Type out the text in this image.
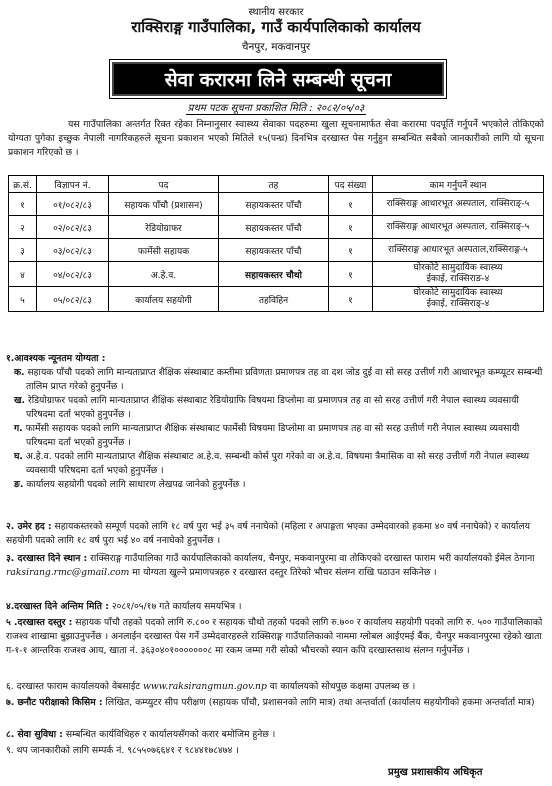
स्थानीय सरकार
राक्सिराङ्ग गाउँपालिका, गाउँ कार्यपालिकाको कार्यालय
चैनपुर, मकवानपुर
सेवा करारमा लिने सम्बन्धी सूचना
प्रथम पटक सूचना प्रकाशित मिति : २०८२/०५/०३
यस गाउँपालिका अन्तर्गत रिक्त रहेका निम्नानुसार स्वास्थ्य सेवाका पदहरुमा खुला सूचनामार्फत सेवा करारमा पदपूर्ति गर्नुपर्ने भएकोले तोकिएको योग्यता पुगेका इच्छुक नेपाली नागरिकहरुले सूचना प्रकाशन भएको मितिले १५(पन्ध्र) दिनभित्र दरखास्त पेस गर्नुहुन सम्बन्धित सबैको जानकारीको लागि यो सूचना प्रकाशन गरिएको छ ।
क्र.सं.	विज्ञापन नं.	पद	तह	पद संख्या	काम गर्नुपर्ने स्थान
१	०१/०८२/८३	सहायक पाँचौ (प्रशासन)	सहायकस्तर पाँचौ	१	राक्सिराङ्ग आधारभूत अस्पताल, राक्सिराङ्-५
२	०२/०८२/८३	रेडियोग्राफर	सहायकस्तर पाँचौ	१	राक्सिराङ्ग आधारभूत अस्पताल, राक्सिराङ्-५
३	०३/०८२/८३	फार्मेसी सहायक	सहायकस्तर पाँचौ	१	राक्सिराङ्ग आधारभूत अस्पताल,राक्सिराङ्ग-५
४	०४/०८२/८३	अ.हे.व.	सहायकस्तर चौथो	१	घोरकोटे सामुदायिक स्वास्थ्य
ईकाई, राक्सिराङ-४

५	०५/०८२/८३	कार्यालय सहयोगी	तहविहिन	१	घोरकोटे सामुदायिक स्वास्थ्य
ईकाई, राक्सिराङ्-४
१.आवश्यक न्यूनतम योग्यता :
क. सहायक पाँचौ पदको लागि मान्यताप्राप्त शैक्षिक संस्थाबाट कम्तीमा प्रविणता प्रमाणपत्र तह वा दश जोड दुई वा सो सरह उत्तीर्ण गरी आधारभूत कम्प्यूटर सम्बन्धी तालिम प्राप्त गरेको हुनुपर्नेछ ।
ख. रेडियोग्राफर पदको लागि मान्यताप्राप्त शैक्षिक संस्थाबाट रेडियोग्राफि विषयमा डिप्लोमा वा प्रमाणपत्र तह वा सो सरह उत्तीर्ण गरी नेपाल स्वास्थ्य व्यवसायी परिषदमा दर्ता भएको हुनुपर्नेछ ।
ग. फार्मेसी सहायक पदको लागि मान्यताप्राप्त शैक्षिक संस्थाबाट फार्मेसी विषयमा डिप्लोमा वा प्रमाणपत्र तह वा सो सरह उत्तीर्ण गरी नेपाल स्वास्थ्य व्यवसायी परिषदमा दर्ता भएको हुनुपर्नेछ ।
घ. अ.हे.व. पदको लागि मान्यताप्राप्त शैक्षिक संस्थाबाट अ.हे.व. सम्बन्धी कोर्स पुरा गरेको वा अ.हे.व. विषयमा त्रैमासिक वा सो सरह उत्तीर्ण गरी नेपाल स्वास्थ्य व्यवसायी परिषदमा दर्ता भएको हुनुपर्नेछ ।
ङ. कार्यालय सहयोगी पदको लागि साधारण लेखपढ जानेको हुनुपर्नेछ ।
२. उमेर हद : सहायकस्तरको सम्पूर्ण पदको लागि १८ वर्ष पुरा भई ३५ वर्ष ननाघेको (महिला र अपाङ्गता भएका उम्मेदवारको हकमा ४० वर्ष ननाघेको) र कार्यालय सहयोगी पदको लागि १८ वर्ष पुरा भई ४० वर्ष ननाघेको हुनुपर्नेछ ।
३. दरखास्त दिने स्थान : राक्सिराङ्ग गाउँपालिका गाउँ कार्यपालिकाको कार्यालय, चैनपुर, मकवानपुरमा वा तोकिएको दरखास्त फाराम भरी कार्यालयको ईमेल ठेगाना raksirang.rmc@gmail.com मा योग्यता खुल्ने प्रमाणपत्रहरु र दरखास्त दस्तुर तिरेको भौचर संलग्न राखि पठाउन सकिनेछ ।
४.दरखास्त दिने अन्तिम मिति : २०८१/०५/१७ गते कार्यालय समयभित्र ।
५ .दरखास्त दस्तुर : सहायक पाँचौ तहको पदको लागि रु.८०० र सहायक चौथो तहको पदको लागि रु.७०० र कार्यालय सहयोगी पदको लागि रु. ५०० गाउँपालिकाको राजश्व शाखामा बुझाउनुपर्नेछ । अनलाईन दरखास्त पेस गर्ने उम्मेदवारहरुले राक्सिराङ्ग गाउँपालिकाको नाममा ग्लोबल आईएमई बैंक, चैनपुर मकवानपुरमा रहेको खाता ग-१-१ आन्तरिक राजश्व आय, खाता नं. ३६३०४०१०००००००८ मा रकम जम्मा गरी सोको भौचरको स्यान कपि दरखास्तसाथ संलग्न गर्नुपर्नेछ ।
६. दरखास्त फाराम कार्यालयको वेबसाईट www.raksirangmun.gov.np वा कार्यालयको सोधपुछ कक्षमा उपलब्ध छ ।
७. छनौट परीक्षाको किसिम : लिखित, कम्प्युटर सीप परीक्षण (सहायक पाँचौ, प्रशासनको लागि मात्र) तथा अन्तर्वार्ता (कार्यालय सहयोगीको हकमा अन्तर्वार्ता मात्र)
८. सेवा सुविधा : सम्बन्धित कार्यविधिहरु र कार्यालयसँगको करार बमोजिम हुनेछ ।
९. थप जानकारीको लागि सम्पर्क नं. ९८५५०७६६४१ र ९८४४१७८४७४ ।
प्रमुख प्रशासकीय अधिकृत
